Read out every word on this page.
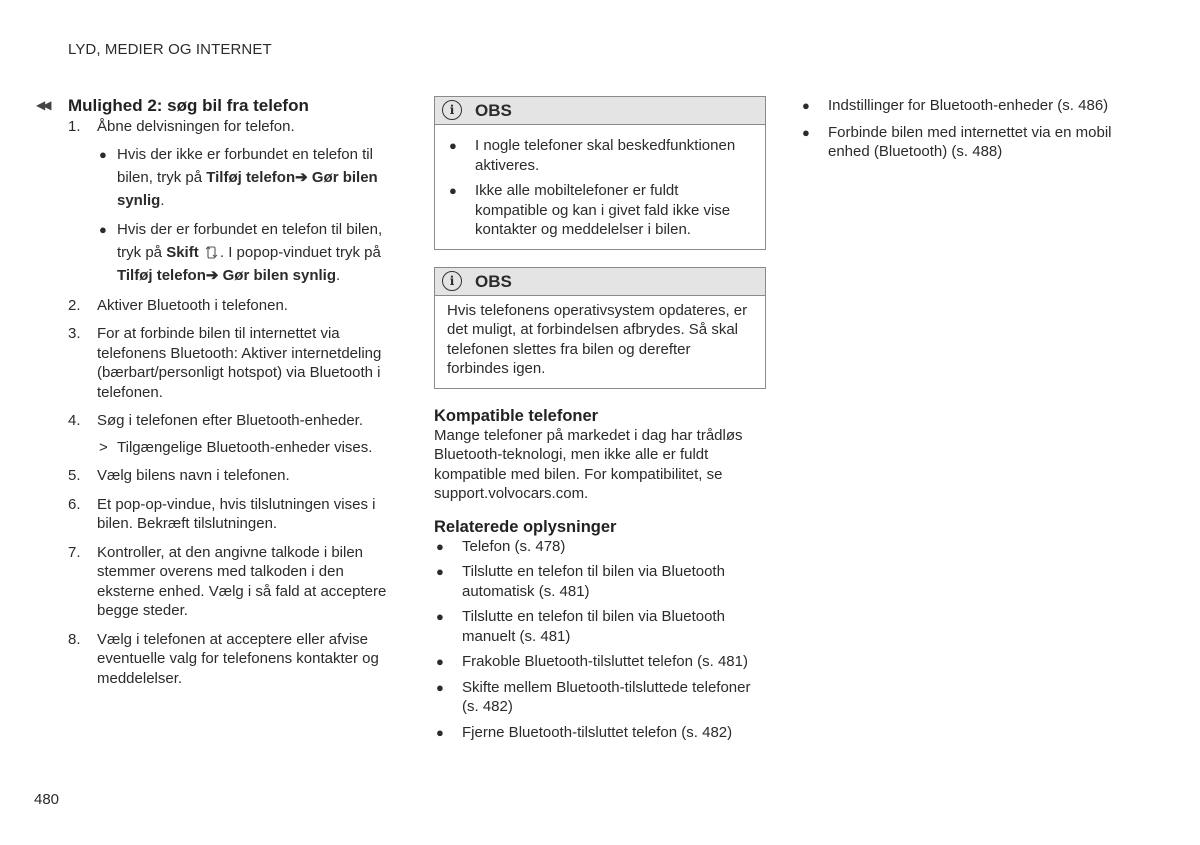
LYD, MEDIER OG INTERNET
◀◀ Mulighed 2: søg bil fra telefon
1. Åbne delvisningen for telefon.
● Hvis der ikke er forbundet en telefon til bilen, tryk på Tilføj telefon➔ Gør bilen synlig.
● Hvis der er forbundet en telefon til bilen, tryk på Skift . I popop-vinduet tryk på Tilføj telefon➔ Gør bilen synlig.
2. Aktiver Bluetooth i telefonen.
3. For at forbinde bilen til internettet via telefonens Bluetooth: Aktiver internetdeling (bærbart/personligt hotspot) via Bluetooth i telefonen.
4. Søg i telefonen efter Bluetooth-enheder.
> Tilgængelige Bluetooth-enheder vises.
5. Vælg bilens navn i telefonen.
6. Et pop-op-vindue, hvis tilslutningen vises i bilen. Bekræft tilslutningen.
7. Kontroller, at den angivne talkode i bilen stemmer overens med talkoden i den eksterne enhed. Vælg i så fald at acceptere begge steder.
8. Vælg i telefonen at acceptere eller afvise eventuelle valg for telefonens kontakter og meddelelser.
i	OBS
● I nogle telefoner skal beskedfunktionen aktiveres.
● Ikke alle mobiltelefoner er fuldt kompatible og kan i givet fald ikke vise kontakter og meddelelser i bilen.
i	OBS
Hvis telefonens operativsystem opdateres, er det muligt, at forbindelsen afbrydes. Så skal telefonen slettes fra bilen og derefter forbindes igen.
Kompatible telefoner
Mange telefoner på markedet i dag har trådløs Bluetooth-teknologi, men ikke alle er fuldt kompatible med bilen. For kompatibilitet, se support.volvocars.com.
Relaterede oplysninger
● Telefon (s. 478)
● Tilslutte en telefon til bilen via Bluetooth automatisk (s. 481)
● Tilslutte en telefon til bilen via Bluetooth manuelt (s. 481)
● Frakoble Bluetooth-tilsluttet telefon (s. 481)
● Skifte mellem Bluetooth-tilsluttede telefoner (s. 482)
● Fjerne Bluetooth-tilsluttet telefon (s. 482)
● Indstillinger for Bluetooth-enheder (s. 486)
● Forbinde bilen med internettet via en mobil enhed (Bluetooth) (s. 488)
480
